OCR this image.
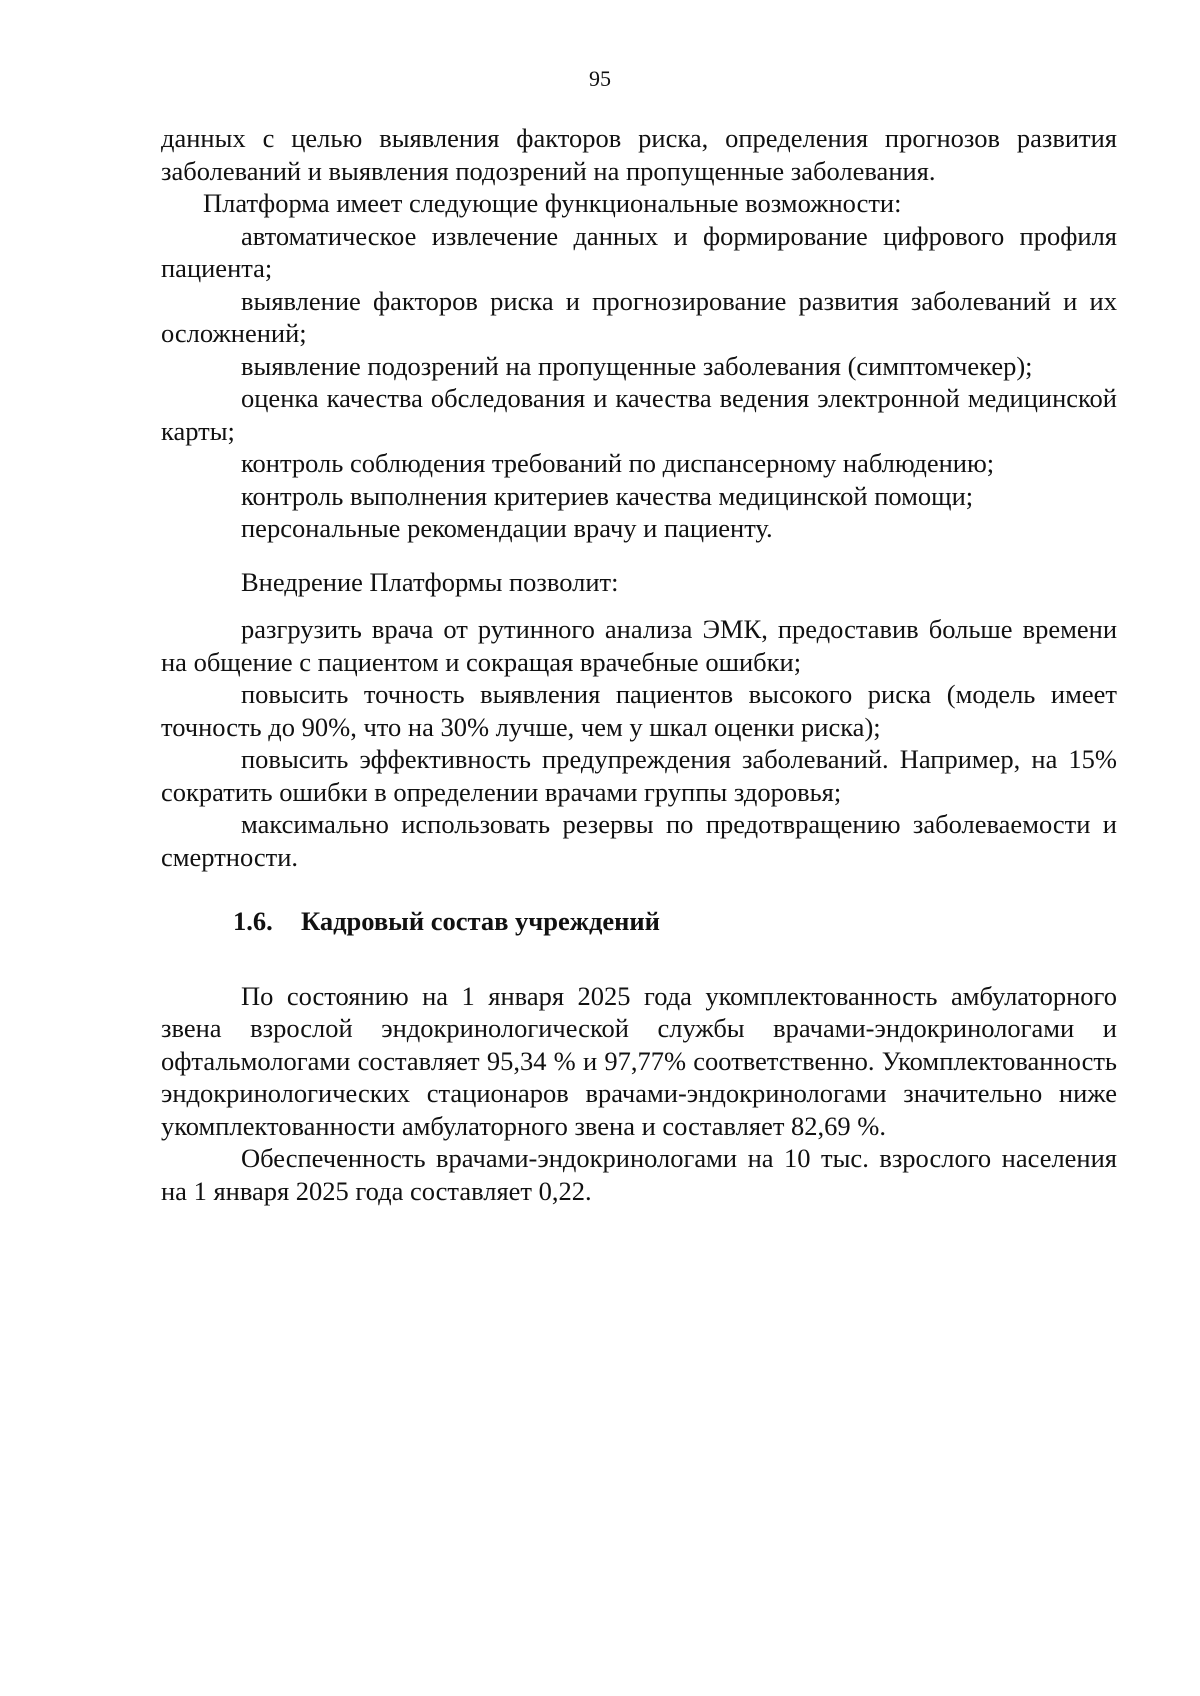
95

данных с целью выявления факторов риска, определения прогнозов развития заболеваний и выявления подозрений на пропущенные заболевания.

Платформа имеет следующие функциональные возможности:

автоматическое извлечение данных и формирование цифрового профиля пациента;

выявление факторов риска и прогнозирование развития заболеваний и их осложнений;

выявление подозрений на пропущенные заболевания (симптомчекер);

оценка качества обследования и качества ведения электронной медицинской карты;

контроль соблюдения требований по диспансерному наблюдению;

контроль выполнения критериев качества медицинской помощи;

персональные рекомендации врачу и пациенту.

Внедрение Платформы позволит:

разгрузить врача от рутинного анализа ЭМК, предоставив больше времени на общение с пациентом и сокращая врачебные ошибки;

повысить точность выявления пациентов высокого риска (модель имеет точность до 90%, что на 30% лучше, чем у шкал оценки риска);

повысить эффективность предупреждения заболеваний. Например, на 15% сократить ошибки в определении врачами группы здоровья;

максимально использовать резервы по предотвращению заболеваемости и смертности.

1.6. Кадровый состав учреждений

По состоянию на 1 января 2025 года укомплектованность амбулаторного звена взрослой эндокринологической службы врачами-эндокринологами и офтальмологами составляет 95,34 % и 97,77% соответственно. Укомплектованность эндокринологических стационаров врачами-эндокринологами значительно ниже укомплектованности амбулаторного звена и составляет 82,69 %.

Обеспеченность врачами-эндокринологами на 10 тыс. взрослого населения на 1 января 2025 года составляет 0,22.
